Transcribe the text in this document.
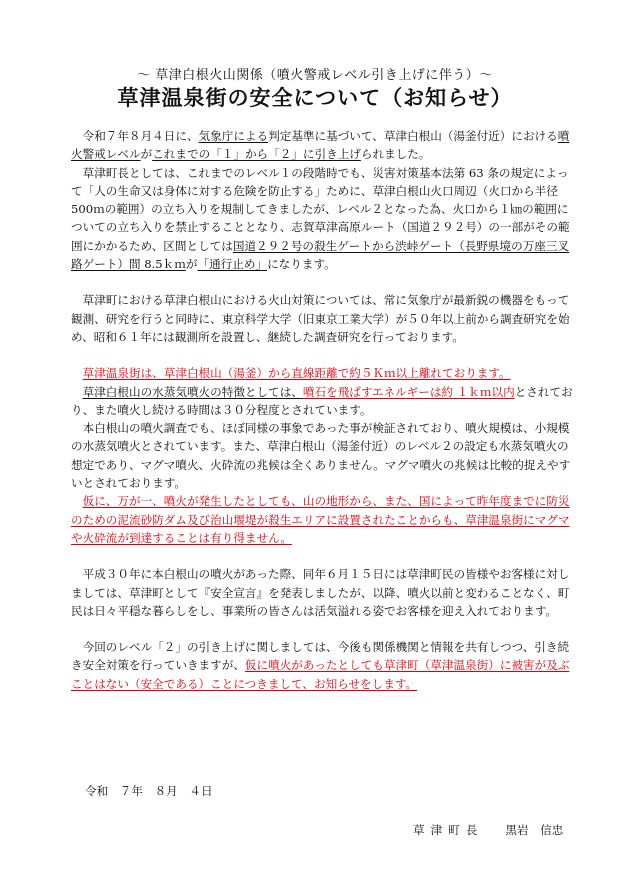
～ 草津白根火山関係（噴火警戒レベル引き上げに伴う）～
草津温泉街の安全について（お知らせ）

令和７年８月４日に、気象庁による判定基準に基づいて、草津白根山（湯釜付近）における噴火警戒レベルがこれまでの「１」から「２」に引き上げられました。

草津町長としては、これまでのレベル１の段階時でも、災害対策基本法第 63 条の規定によって「人の生命又は身体に対する危険を防止する」ために、草津白根山火口周辺（火口から半径 500ｍの範囲）の立ち入りを規制してきましたが、レベル２となった為、火口から１㎞の範囲についての立ち入りを禁止することとなり、志賀草津高原ルート（国道２９２号）の一部がその範囲にかかるため、区間としては国道２９２号の殺生ゲートから渋峠ゲート（長野県境の万座三叉路ゲート）間 8.5ｋｍが「通行止め」になります。

草津町における草津白根山における火山対策については、常に気象庁が最新鋭の機器をもって観測、研究を行うと同時に、東京科学大学（旧東京工業大学）が５０年以上前から調査研究を始め、昭和６１年には観測所を設置し、継続した調査研究を行っております。

草津温泉街は、草津白根山（湯釜）から直線距離で約５Ｋｍ以上離れております。

草津白根山の水蒸気噴火の特徴としては、噴石を飛ばすエネルギーは約 １ｋｍ以内とされており、また噴火し続ける時間は３０分程度とされています。

本白根山の噴火調査でも、ほぼ同様の事象であった事が検証されており、噴火規模は、小規模の水蒸気噴火とされています。また、草津白根山（湯釜付近）のレベル２の設定も水蒸気噴火の想定であり、マグマ噴火、火砕流の兆候は全くありません。マグマ噴火の兆候は比較的捉えやすいとされております。

仮に、万が一、噴火が発生したとしても、山の地形から、また、国によって昨年度までに防災のための泥流砂防ダム及び治山堰堤が殺生エリアに設置されたことからも、草津温泉街にマグマや火砕流が到達することは有り得ません。

平成３０年に本白根山の噴火があった際、同年６月１５日には草津町民の皆様やお客様に対しましては、草津町として『安全宣言』を発表しましたが、以降、噴火以前と変わることなく、町民は日々平穏な暮らしをし、事業所の皆さんは活気溢れる姿でお客様を迎え入れております。

今回のレベル「２」の引き上げに関しましては、今後も関係機関と情報を共有しつつ、引き続き安全対策を行っていきますが、仮に噴火があったとしても草津町（草津温泉街）に被害が及ぶことはない（安全である）ことにつきまして、お知らせをします。

令和　７年　８月　４日
草津町長 黒岩　信忠
